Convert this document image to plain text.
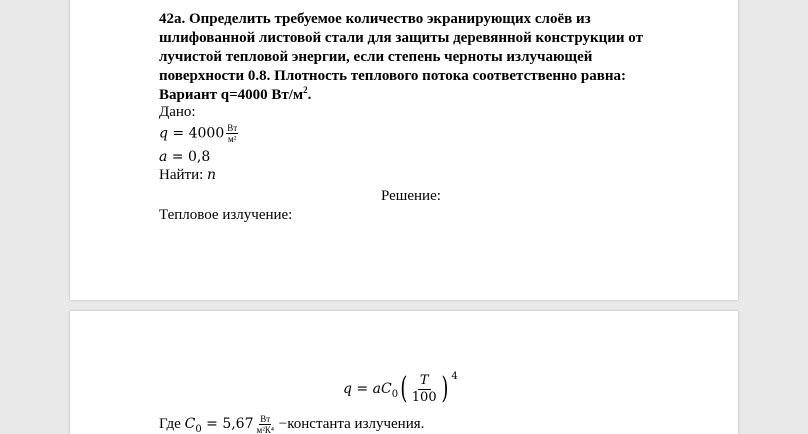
42а. Определить требуемое количество экранирующих слоёв из
шлифованной листовой стали для защиты деревянной конструкции от
лучистой тепловой энергии, если степень черноты излучающей
поверхности 0.8. Плотность теплового потока соответственно равна:
Вариант q=4000 $Вт/м^2$.
Дано:
$q = 4000 \frac{Вт}{\text{м²}}$
a = 0,8
Найти: n
Решение:
Тепловое излучение:
$q = aC_0( \frac{T}{100}$ ) $^4$
Где $C_0 = 5,67 \frac{Вт}{\text{м²К⁴}}$ −константа излучения.
